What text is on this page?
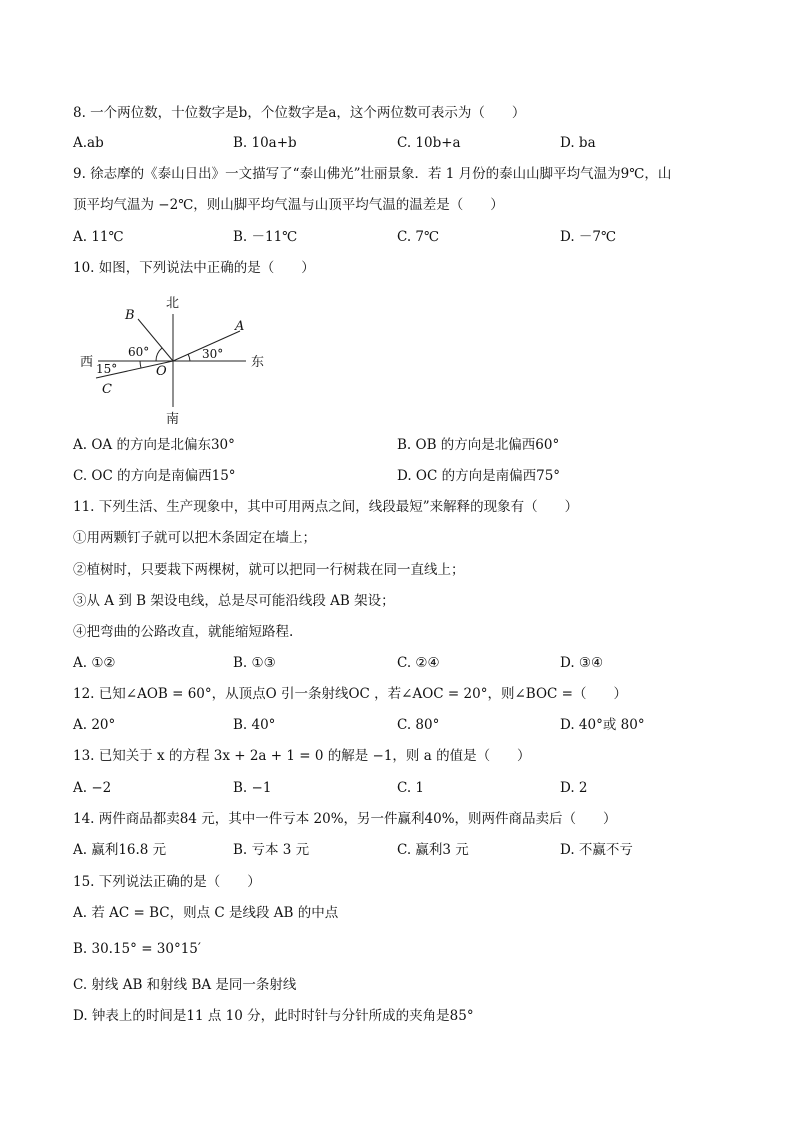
8. 一个两位数，十位数字是b，个位数字是a，这个两位数可表示为（　　）
A.ab	B. 10a+b	C. 10b+a	D. ba
9. 徐志摩的《泰山日出》一文描写了“泰山佛光”壮丽景象．若 1 月份的泰山山脚平均气温为9℃，山
顶平均气温为 −2℃，则山脚平均气温与山顶平均气温的温差是（　　）
A. 11℃	B. －11℃	C. 7℃	D. －7℃
10. 如图，下列说法中正确的是（　　）
北
南
西	东
A
B
C
O
60°	30°
15°
A. OA 的方向是北偏东30°	B. OB 的方向是北偏西60°
C. OC 的方向是南偏西15°	D. OC 的方向是南偏西75°
11. 下列生活、生产现象中，其中可用两点之间，线段最短”来解释的现象有（　　）
①用两颗钉子就可以把木条固定在墙上；
②植树时，只要栽下两棵树，就可以把同一行树栽在同一直线上；
③从 A 到 B 架设电线，总是尽可能沿线段 AB 架设；
④把弯曲的公路改直，就能缩短路程.
A. ①②	B. ①③	C. ②④	D. ③④
12. 已知∠AOB = 60°，从顶点O 引一条射线OC ，若∠AOC = 20°，则∠BOC =（　　）
A. 20°	B. 40°	C. 80°	D. 40°或 80°
13. 已知关于 x 的方程 3x + 2a + 1 = 0 的解是 −1，则 a 的值是（　　）
A. −2	B. −1	C. 1	D. 2
14. 两件商品都卖84 元，其中一件亏本 20%，另一件赢利40%，则两件商品卖后（　　）
A. 赢利16.8 元	B. 亏本 3 元	C. 赢利3 元	D. 不赢不亏
15. 下列说法正确的是（　　）
A. 若 AC = BC，则点 C 是线段 AB 的中点
B. 30.15° = 30°15′
C. 射线 AB 和射线 BA 是同一条射线
D. 钟表上的时间是11 点 10 分，此时时针与分针所成的夹角是85°
